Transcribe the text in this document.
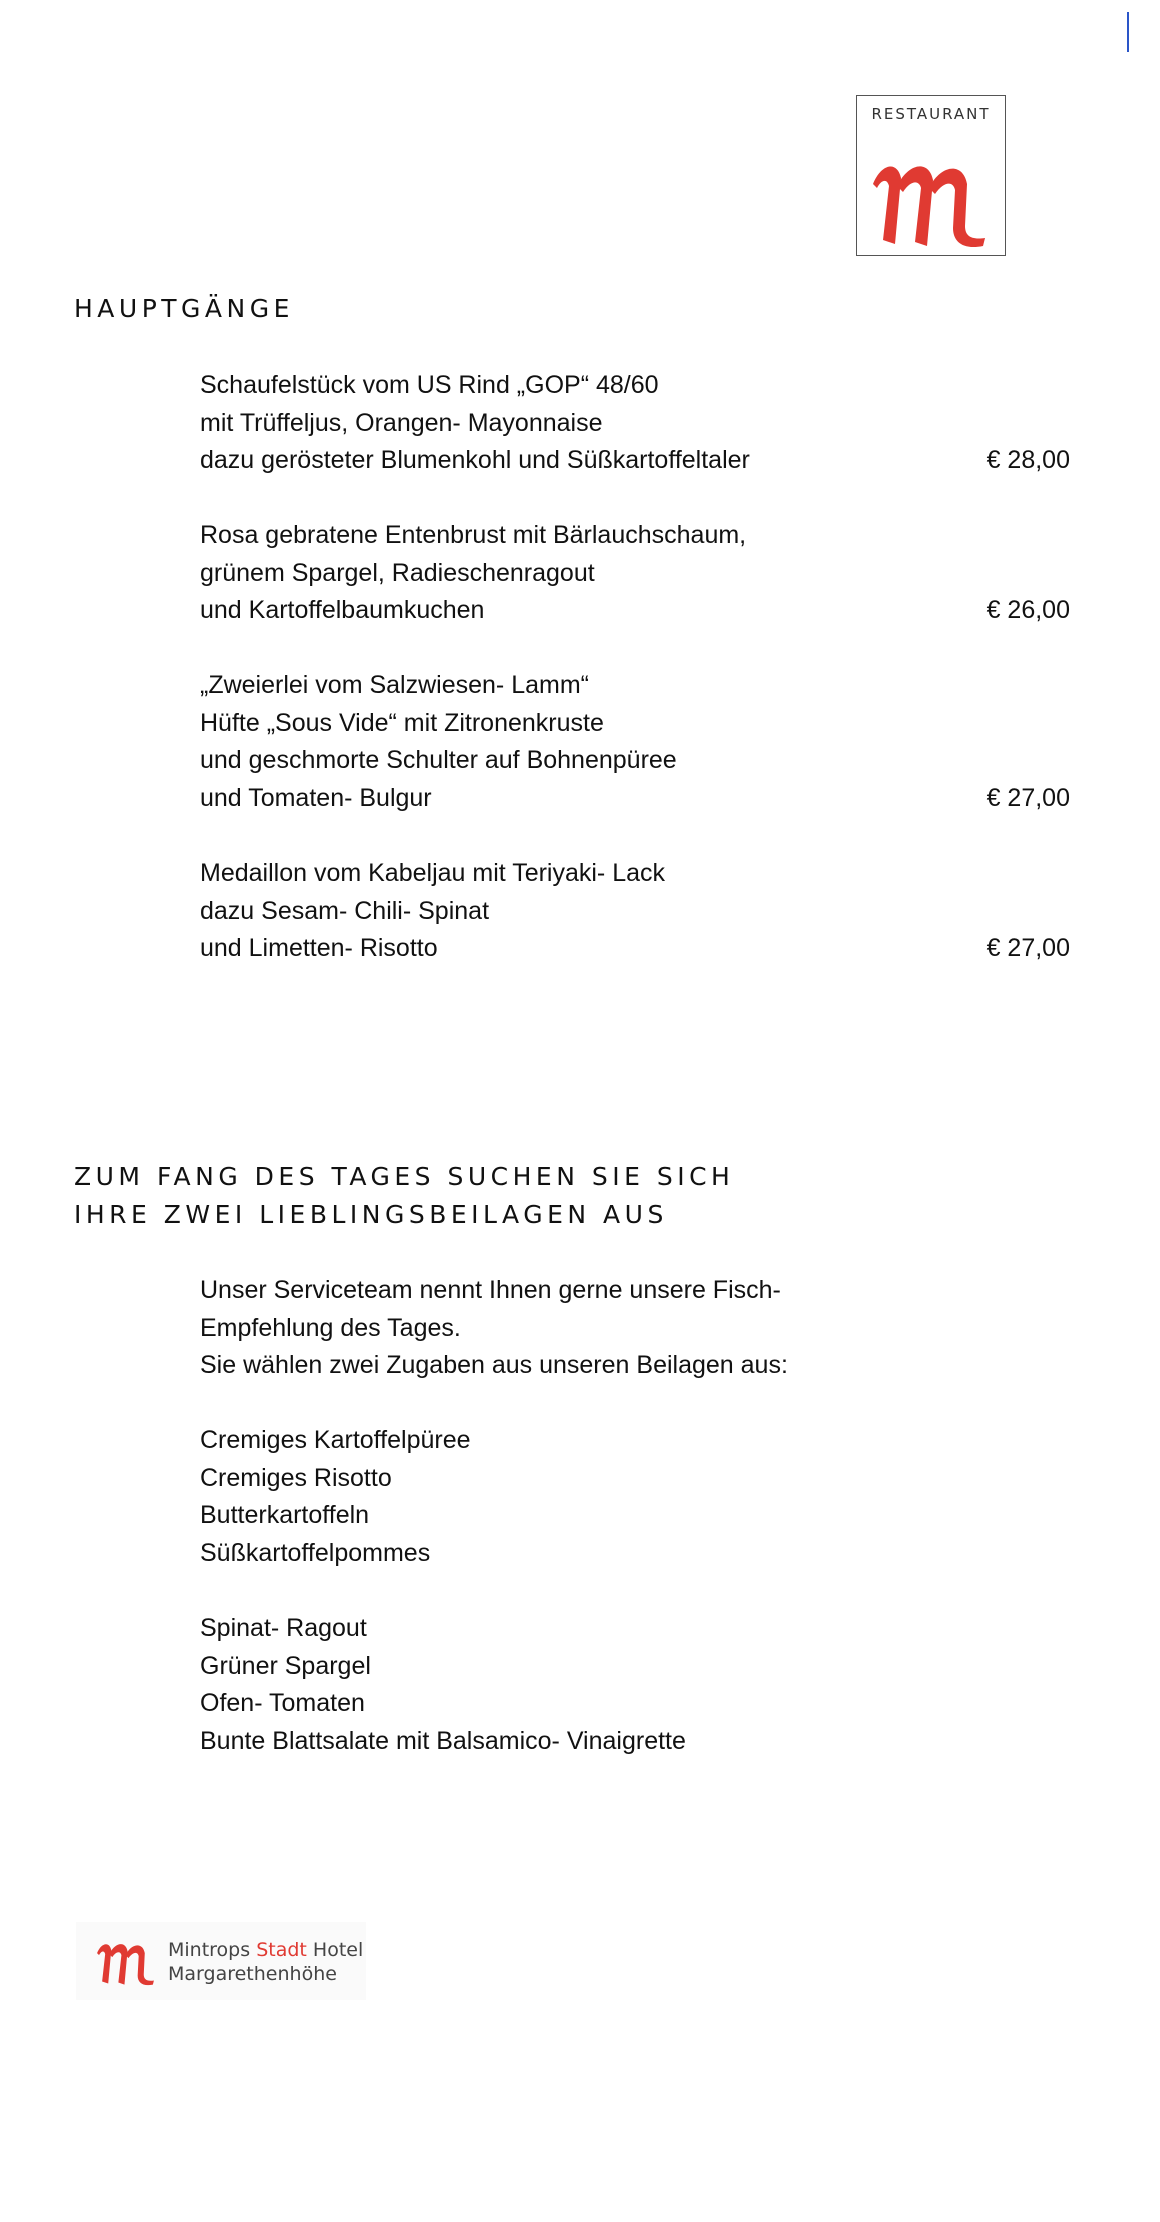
RESTAURANT
HAUPTGÄNGE
Schaufelstück vom US Rind „GOP“ 48/60
mit Trüffeljus, Orangen- Mayonnaise
dazu gerösteter Blumenkohl und Süßkartoffeltaler	€ 28,00
Rosa gebratene Entenbrust mit Bärlauchschaum,
grünem Spargel, Radieschenragout
und Kartoffelbaumkuchen	€ 26,00
„Zweierlei vom Salzwiesen- Lamm“
Hüfte „Sous Vide“ mit Zitronenkruste
und geschmorte Schulter auf Bohnenpüree
und Tomaten- Bulgur	€ 27,00
Medaillon vom Kabeljau mit Teriyaki- Lack
dazu Sesam- Chili- Spinat
und Limetten- Risotto	€ 27,00
ZUM FANG DES TAGES SUCHEN SIE SICH
IHRE ZWEI LIEBLINGSBEILAGEN AUS
Unser Serviceteam nennt Ihnen gerne unsere Fisch-
Empfehlung des Tages.
Sie wählen zwei Zugaben aus unseren Beilagen aus:
Cremiges Kartoffelpüree
Cremiges Risotto
Butterkartoffeln
Süßkartoffelpommes
Spinat- Ragout
Grüner Spargel
Ofen- Tomaten
Bunte Blattsalate mit Balsamico- Vinaigrette
Mintrops Stadt Hotel
Margarethenhöhe
